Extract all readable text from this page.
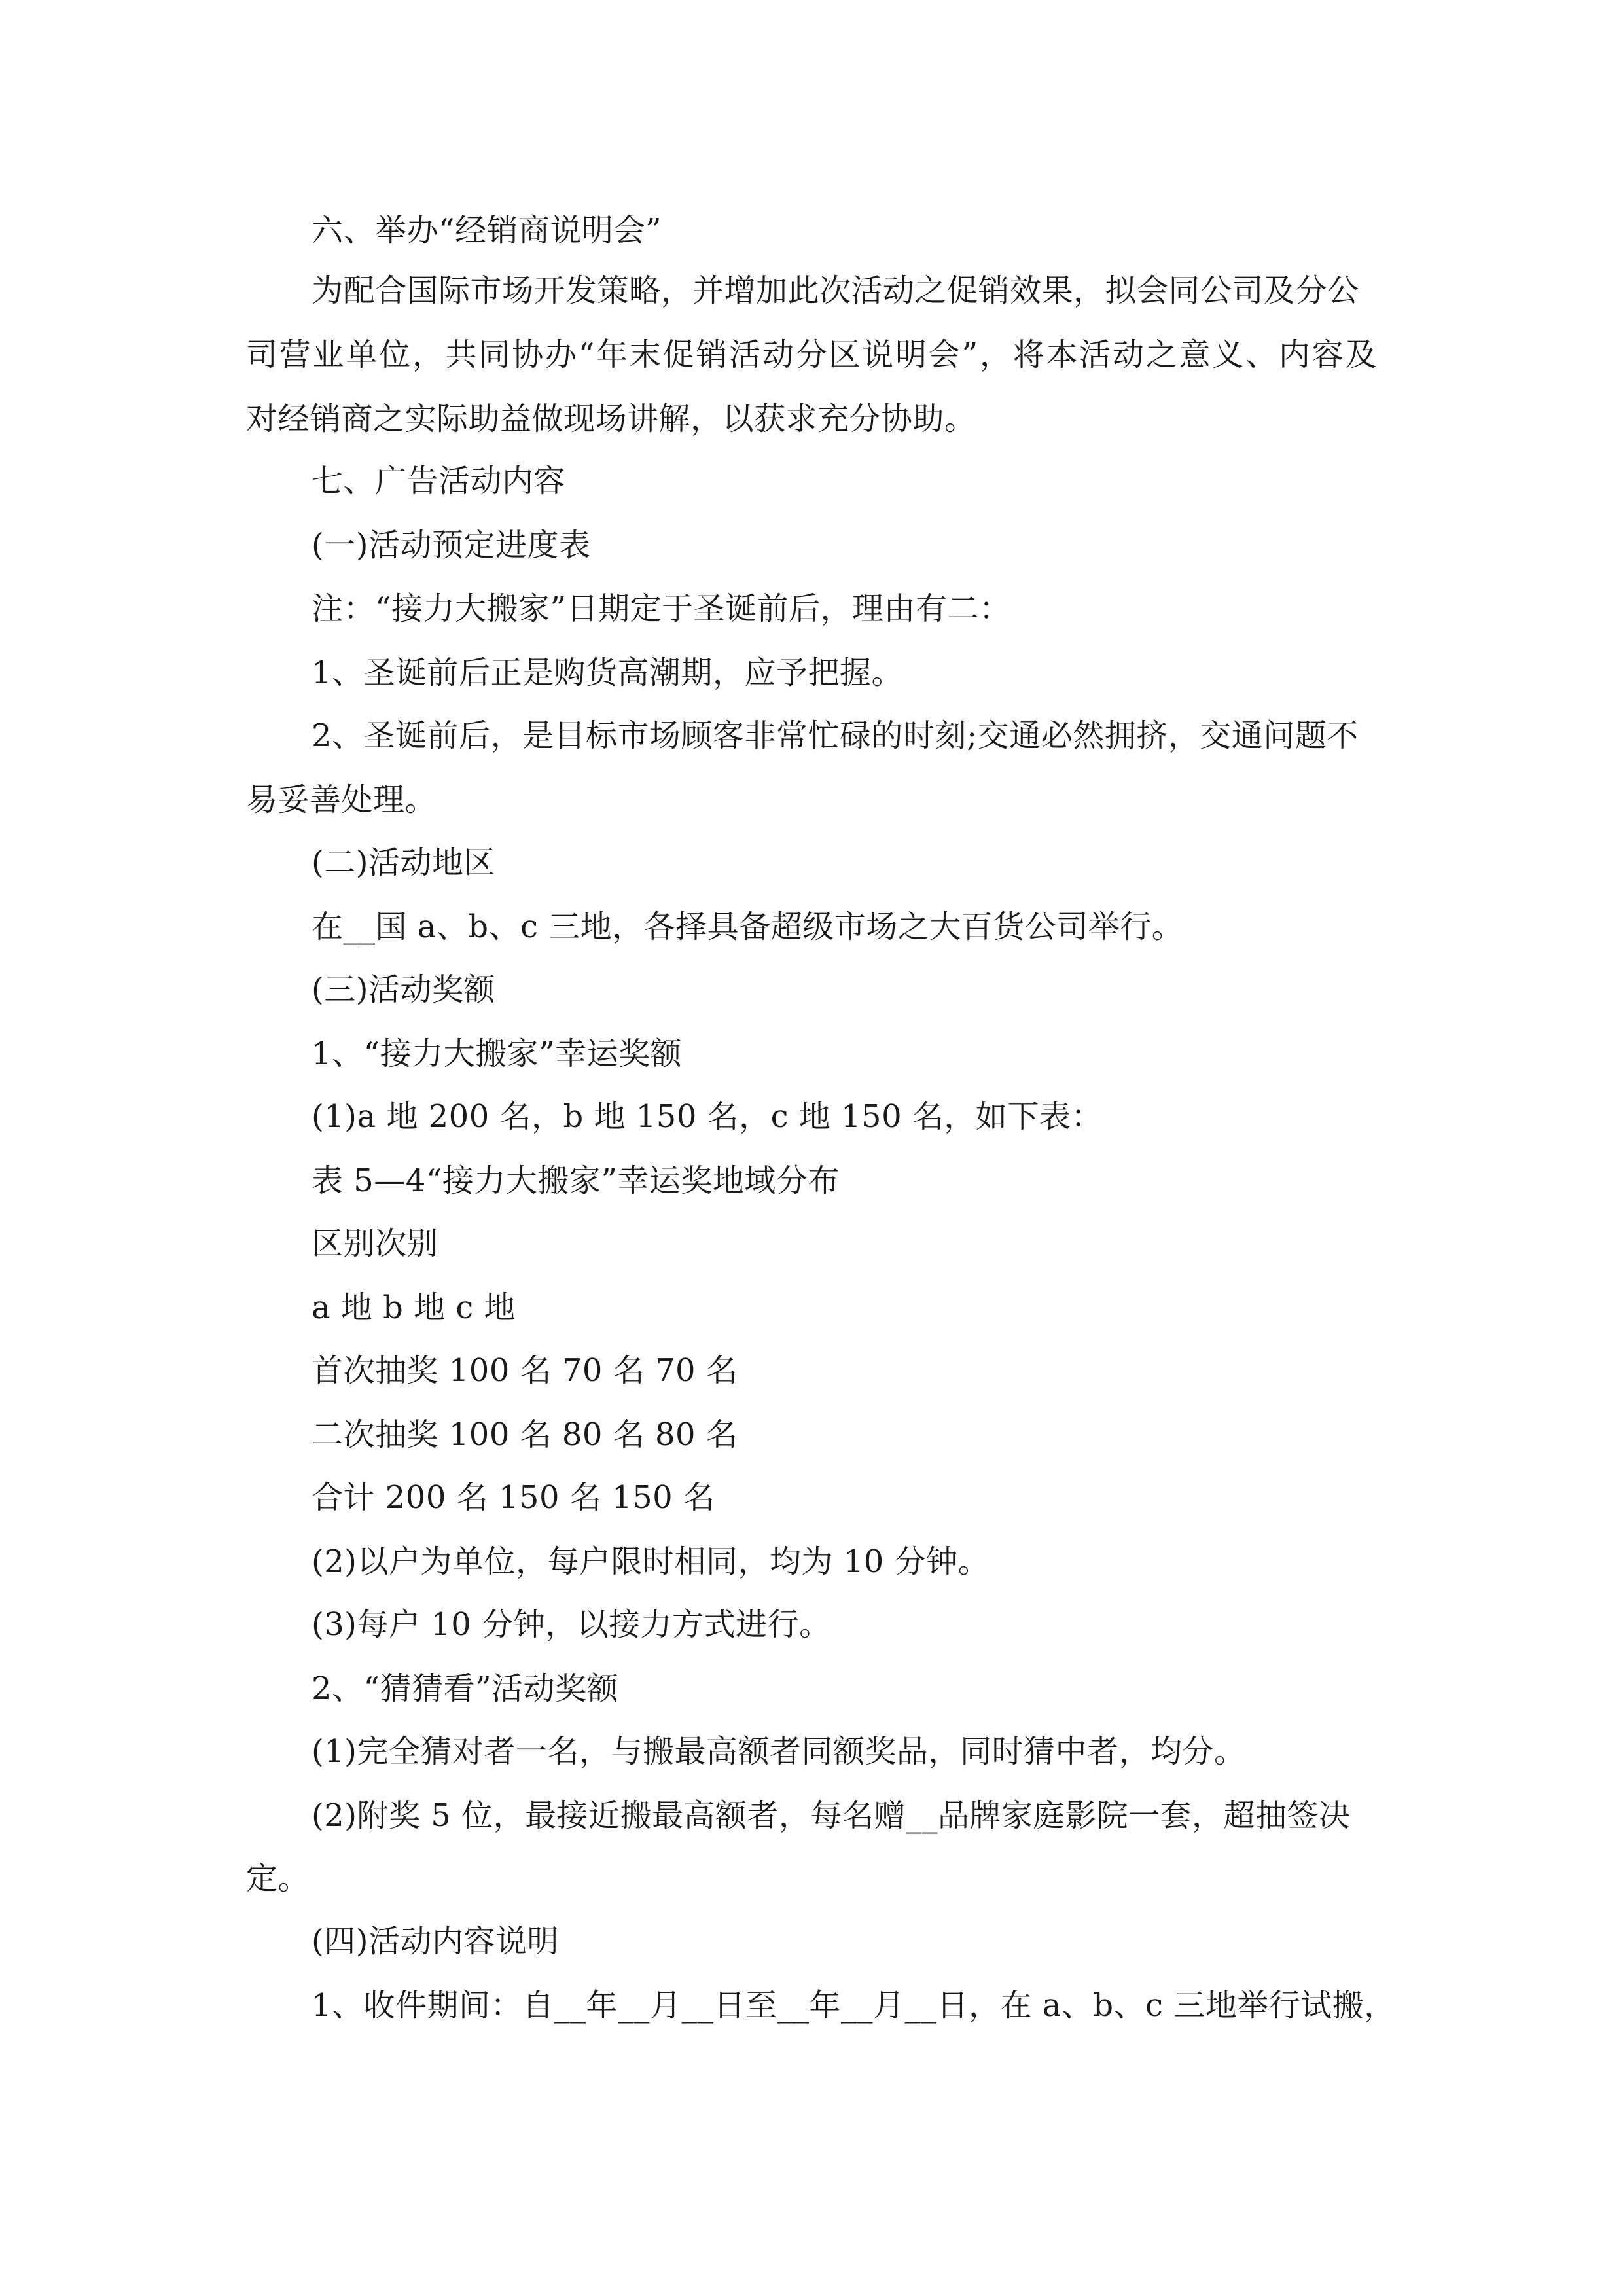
六、举办“经销商说明会”
为配合国际市场开发策略，并增加此次活动之促销效果，拟会同公司及分公
司营业单位，共同协办“年末促销活动分区说明会”，将本活动之意义、内容及
对经销商之实际助益做现场讲解，以获求充分协助。
七、广告活动内容
(一)活动预定进度表
注：“接力大搬家”日期定于圣诞前后，理由有二：
1、圣诞前后正是购货高潮期，应予把握。
2、圣诞前后，是目标市场顾客非常忙碌的时刻;交通必然拥挤，交通问题不
易妥善处理。
(二)活动地区
在__国 a、b、c 三地，各择具备超级市场之大百货公司举行。
(三)活动奖额
1、“接力大搬家”幸运奖额
(1)a 地 200 名，b 地 150 名，c 地 150 名，如下表：
表 5—4“接力大搬家”幸运奖地域分布
区别次别
a 地 b 地 c 地
首次抽奖 100 名 70 名 70 名
二次抽奖 100 名 80 名 80 名
合计 200 名 150 名 150 名
(2)以户为单位，每户限时相同，均为 10 分钟。
(3)每户 10 分钟，以接力方式进行。
2、“猜猜看”活动奖额
(1)完全猜对者一名，与搬最高额者同额奖品，同时猜中者，均分。
(2)附奖 5 位，最接近搬最高额者，每名赠__品牌家庭影院一套，超抽签决
定。
(四)活动内容说明
1、收件期间：自__年__月__日至__年__月__日，在 a、b、c 三地举行试搬，
